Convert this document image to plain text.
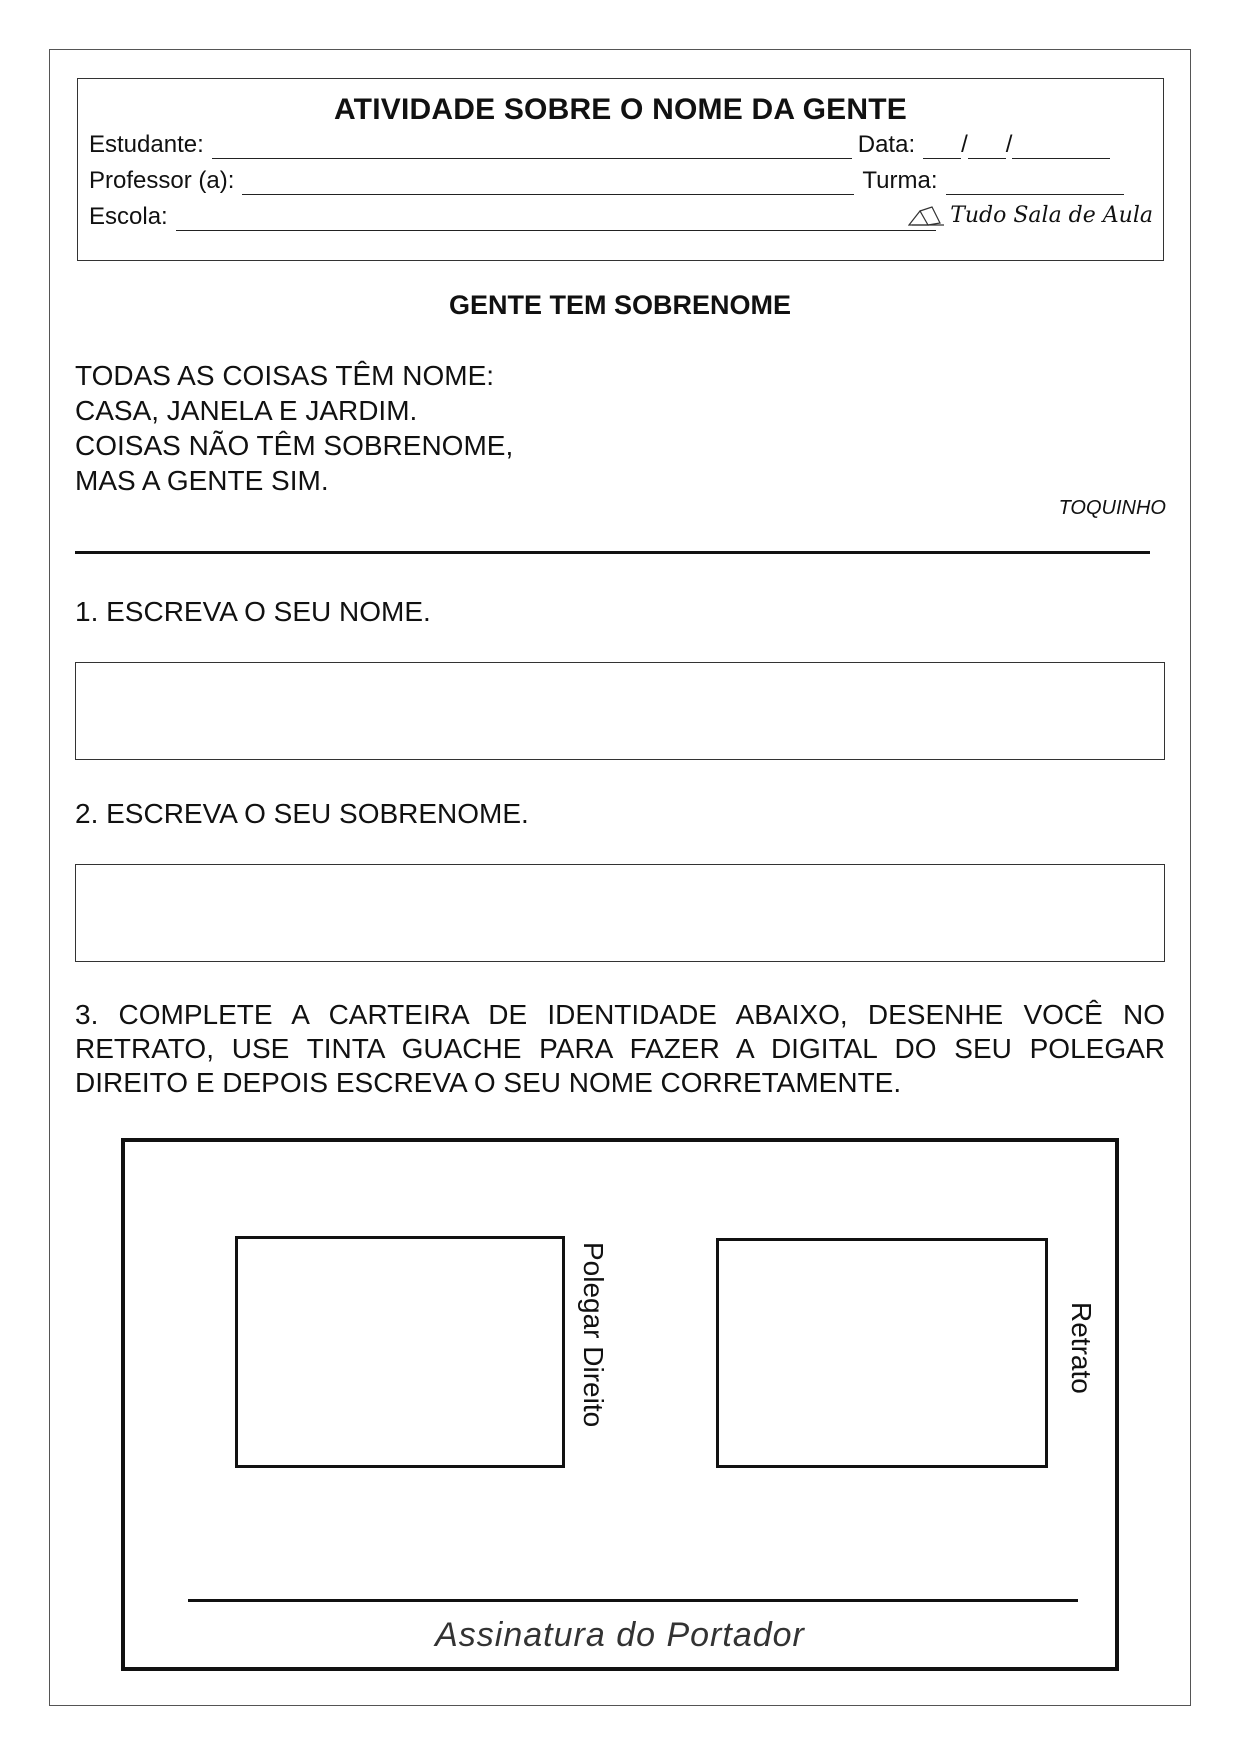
ATIVIDADE SOBRE O NOME DA GENTE
Estudante:	Data: / /
Professor (a):	Turma:
Escola:	Tudo Sala de Aula
GENTE TEM SOBRENOME
TODAS AS COISAS TÊM NOME:
CASA, JANELA E JARDIM.
COISAS NÃO TÊM SOBRENOME,
MAS A GENTE SIM.
TOQUINHO
1. ESCREVA O SEU NOME.
2. ESCREVA O SEU SOBRENOME.
3. COMPLETE A CARTEIRA DE IDENTIDADE ABAIXO, DESENHE VOCÊ NO RETRATO, USE TINTA GUACHE PARA FAZER A DIGITAL DO SEU POLEGAR DIREITO E DEPOIS ESCREVA O SEU NOME CORRETAMENTE.
Polegar Direito	Retrato
Assinatura do Portador
